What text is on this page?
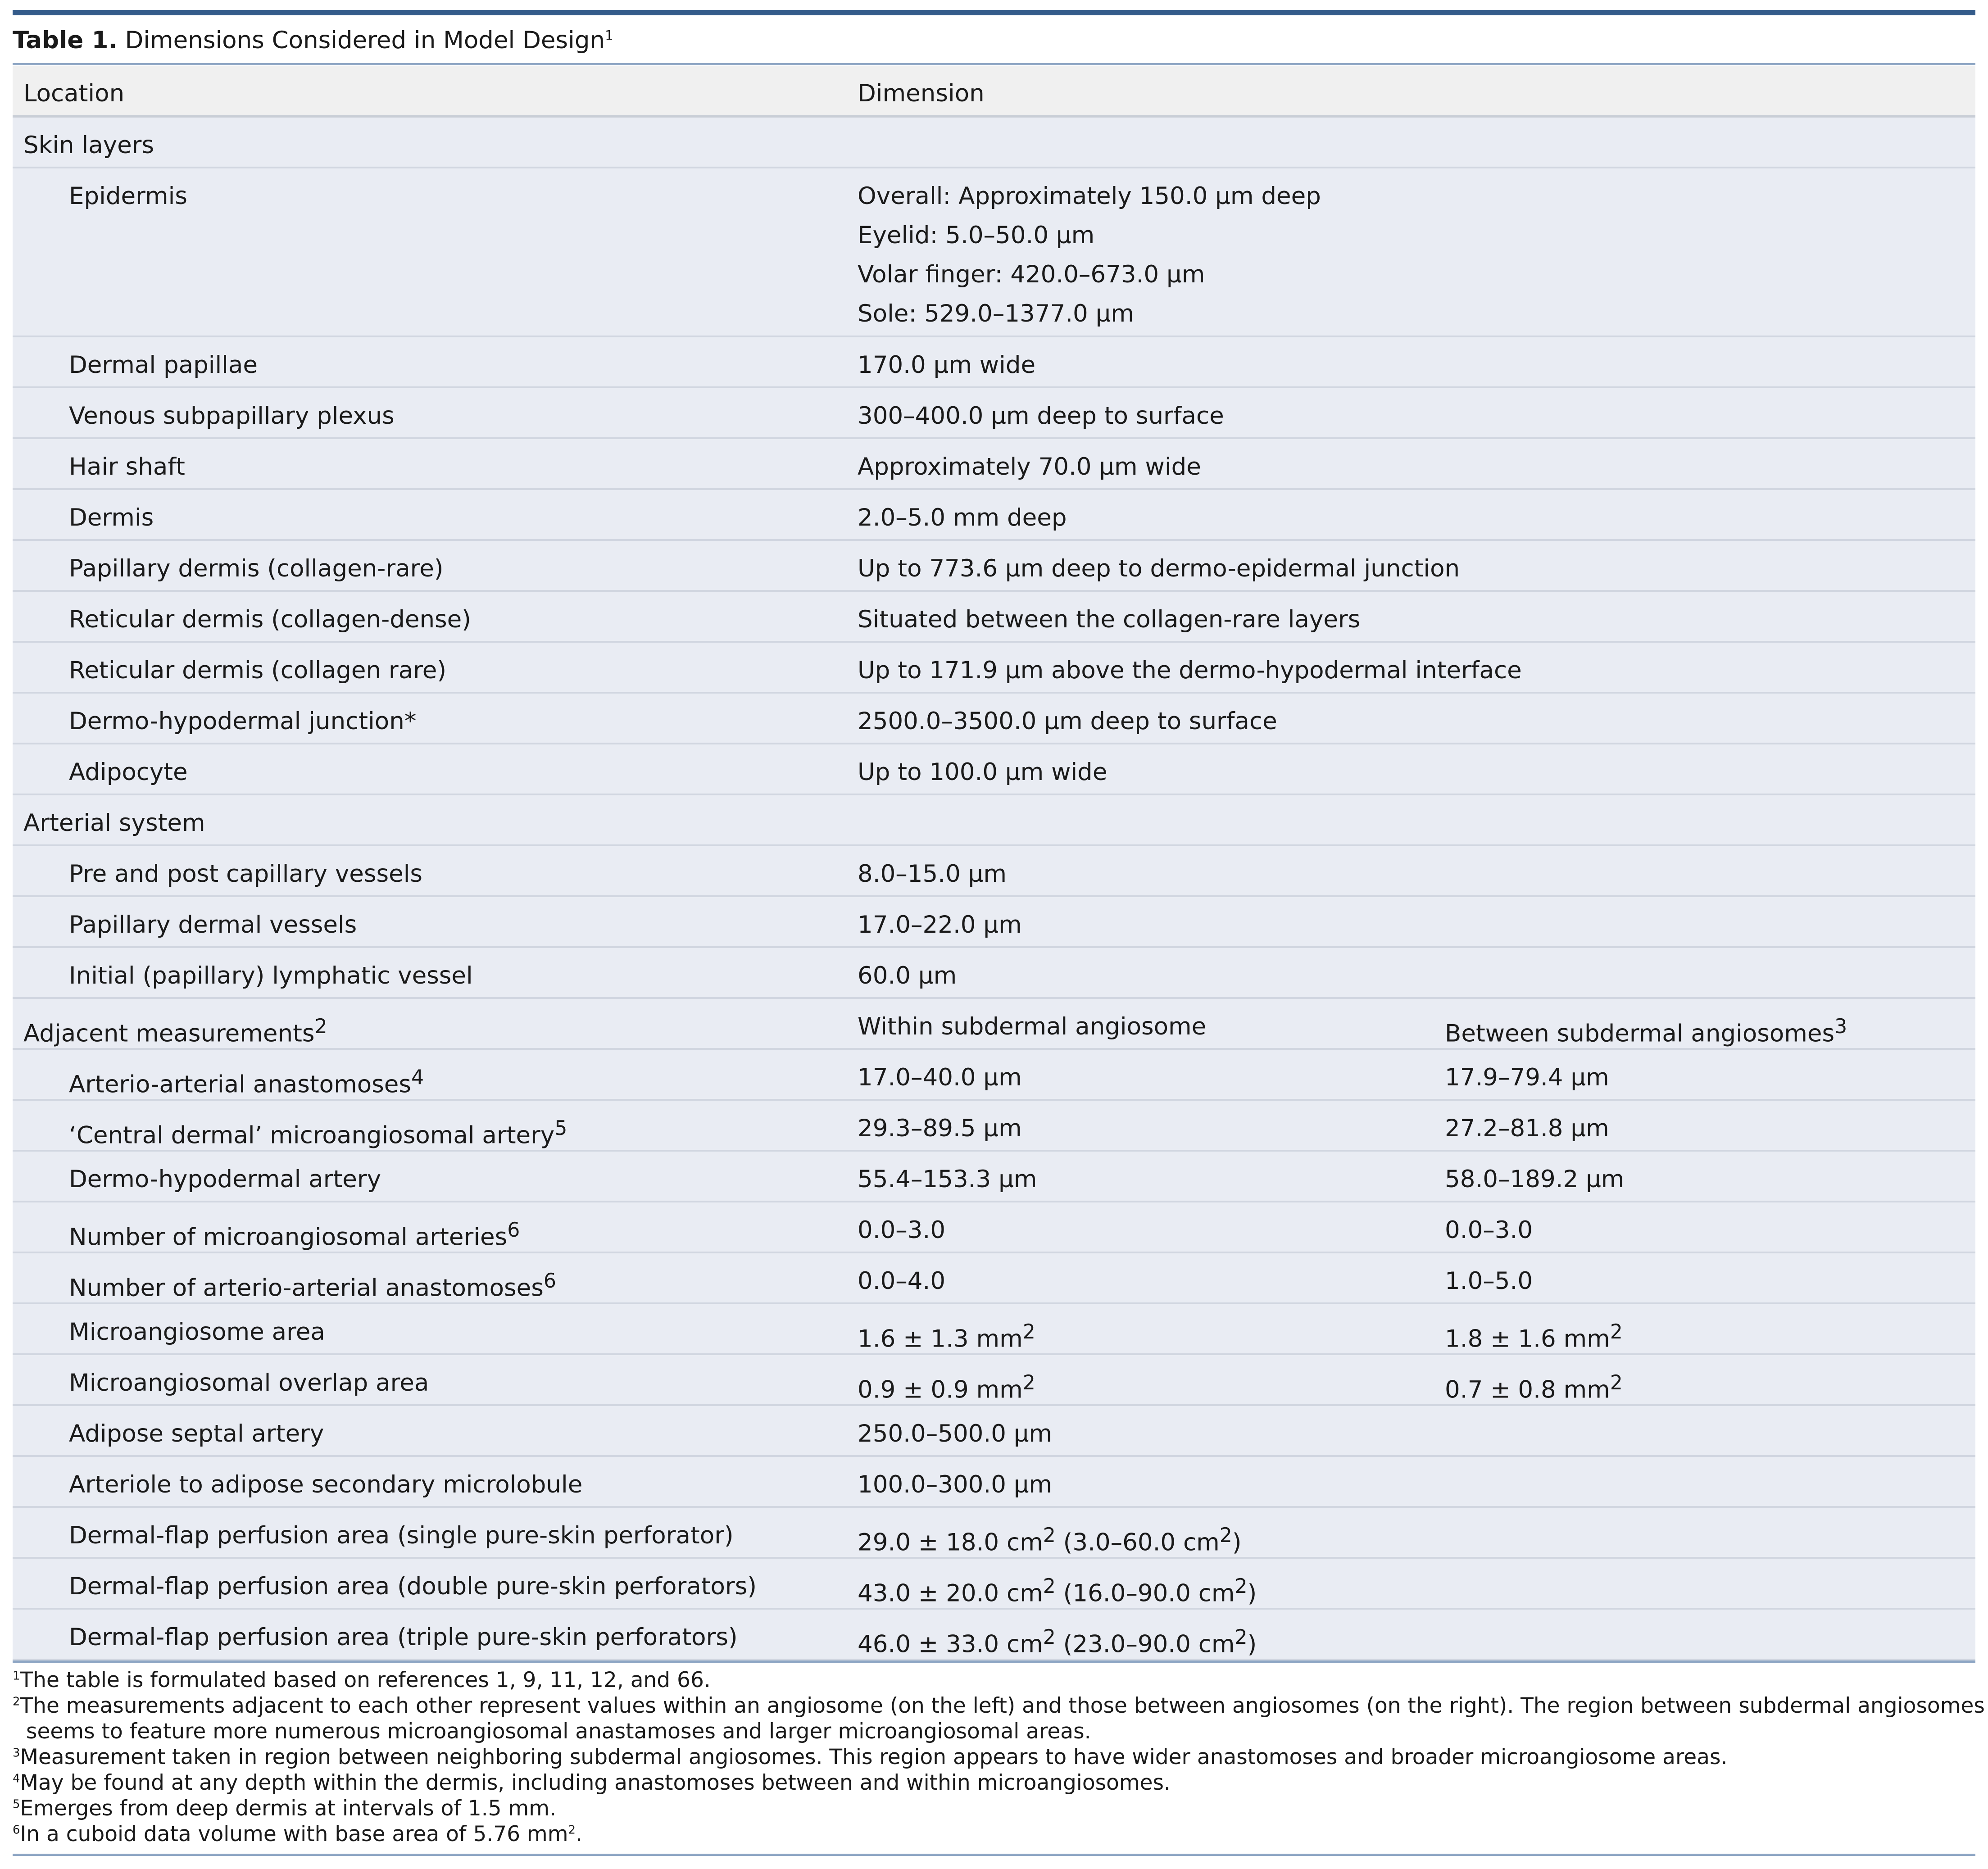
Table 1. Dimensions Considered in Model Design$^1$
Location	Dimension
Skin layers
Epidermis	Overall: Approximately 150.0 μm deep
Eyelid: 5.0–50.0 μm
Volar finger: 420.0–673.0 μm
Sole: 529.0–1377.0 μm
Dermal papillae	170.0 μm wide
Venous subpapillary plexus	300–400.0 μm deep to surface
Hair shaft	Approximately 70.0 μm wide
Dermis	2.0–5.0 mm deep
Papillary dermis (collagen-rare)	Up to 773.6 μm deep to dermo-epidermal junction
Reticular dermis (collagen-dense)	Situated between the collagen-rare layers
Reticular dermis (collagen rare)	Up to 171.9 μm above the dermo-hypodermal interface
Dermo-hypodermal junction*	2500.0–3500.0 μm deep to surface
Adipocyte	Up to 100.0 μm wide
Arterial system
Pre and post capillary vessels	8.0–15.0 μm
Papillary dermal vessels	17.0–22.0 μm
Initial (papillary) lymphatic vessel	60.0 μm
Adjacent measurements$^2$	Within subdermal angiosome	Between subdermal angiosomes$^3$
Arterio-arterial anastomoses$^4$	17.0–40.0 μm	17.9–79.4 μm
‘Central dermal’ microangiosomal artery$^5$	29.3–89.5 μm	27.2–81.8 μm
Dermo-hypodermal artery	55.4–153.3 μm	58.0–189.2 μm
Number of microangiosomal arteries$^6$	0.0–3.0	0.0–3.0
Number of arterio-arterial anastomoses$^6$	0.0–4.0	1.0–5.0
Microangiosome area	1.6 ± 1.3 $mm^2$	1.8 ± 1.6 $mm^2$
Microangiosomal overlap area	0.9 ± 0.9 $mm^2$	0.7 ± 0.8 $mm^2$
Adipose septal artery	250.0–500.0 μm
Arteriole to adipose secondary microlobule	100.0–300.0 μm
Dermal-flap perfusion area (single pure-skin perforator)	29.0 ± 18.0 $cm^2$ (3.0–60.0 $cm^2$)
Dermal-flap perfusion area (double pure-skin perforators)	43.0 ± 20.0 $cm^2$ (16.0–90.0 $cm^2$)
Dermal-flap perfusion area (triple pure-skin perforators)	46.0 ± 33.0 $cm^2$ (23.0–90.0 $cm^2$)
$^1$The table is formulated based on references 1, 9, 11, 12, and 66.
$^2$The measurements adjacent to each other represent values within an angiosome (on the left) and those between angiosomes (on the right). The region between subdermal angiosomes
seems to feature more numerous microangiosomal anastamoses and larger microangiosomal areas.
$^3$Measurement taken in region between neighboring subdermal angiosomes. This region appears to have wider anastomoses and broader microangiosome areas.
$^4$May be found at any depth within the dermis, including anastomoses between and within microangiosomes.
$^5$Emerges from deep dermis at intervals of 1.5 mm.
$^6$In a cuboid data volume with base area of 5.76 $mm^2$.
